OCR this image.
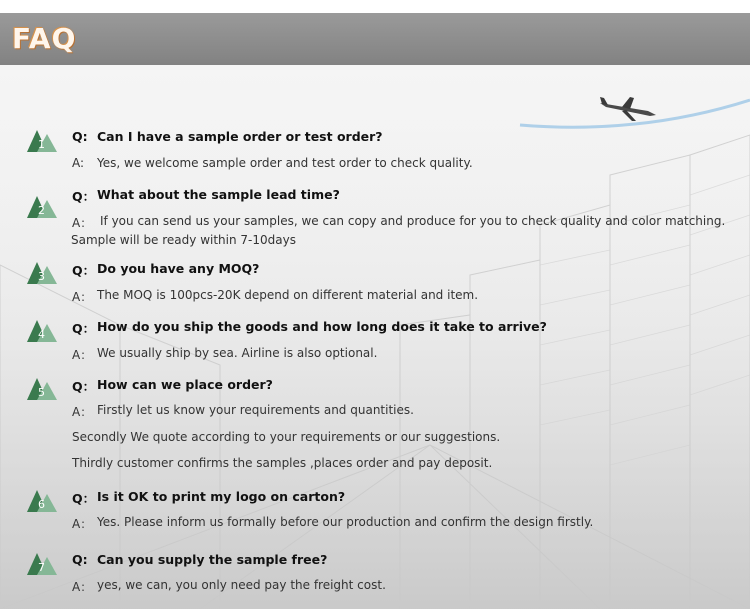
FAQ
1
Q: Can I have a sample order or test order?
A: Yes, we welcome sample order and test order to check quality.
2
Q： What about the sample lead time?
A： If you can send us your samples, we can copy and produce for you to check quality and color matching.
Sample will be ready within 7-10days
3 Q： Do you have any MOQ?
A： The MOQ is 100pcs-20K depend on different material and item.
4 Q： How do you ship the goods and how long does it take to arrive?
A： We usually ship by sea. Airline is also optional.
5 Q： How can we place order?
A： Firstly let us know your requirements and quantities.
Secondly We quote according to your requirements or our suggestions.
Thirdly customer confirms the samples ,places order and pay deposit.
6 Q： Is it OK to print my logo on carton?
A： Yes. Please inform us formally before our production and confirm the design firstly.
7
Q: Can you supply the sample free?
A： yes, we can, you only need pay the freight cost.
